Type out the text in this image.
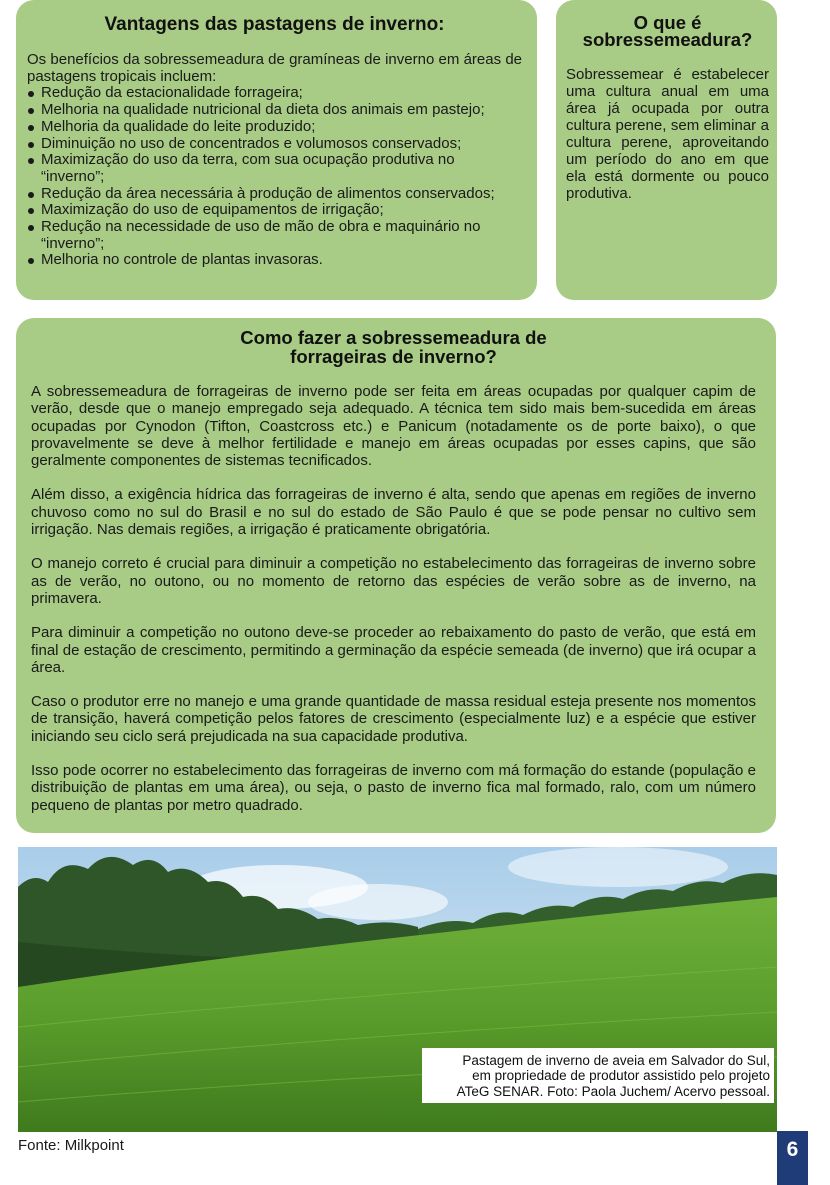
Vantagens das pastagens de inverno:

Os benefícios da sobressemeadura de gramíneas de inverno em áreas de pastagens tropicais incluem:

Redução da estacionalidade forrageira;
Melhoria na qualidade nutricional da dieta dos animais em pastejo;
Melhoria da qualidade do leite produzido;
Diminuição no uso de concentrados e volumosos conservados;
Maximização do uso da terra, com sua ocupação produtiva no “inverno”;
Redução da área necessária à produção de alimentos conservados;
Maximização do uso de equipamentos de irrigação;
Redução na necessidade de uso de mão de obra e maquinário no “inverno”;
Melhoria no controle de plantas invasoras.
O que é sobressemeadura?

Sobressemear é estabelecer uma cultura anual em uma área já ocupada por outra cultura perene, sem eliminar a cultura perene, aproveitando um período do ano em que ela está dormente ou pouco produtiva.

Como fazer a sobressemeadura de
forrageiras de inverno?

A sobressemeadura de forrageiras de inverno pode ser feita em áreas ocupadas por qualquer capim de verão, desde que o manejo empregado seja adequado. A técnica tem sido mais bem-sucedida em áreas ocupadas por Cynodon (Tifton, Coastcross etc.) e Panicum (notadamente os de porte baixo), o que provavelmente se deve à melhor fertilidade e manejo em áreas ocupadas por esses capins, que são geralmente componentes de sistemas tecnificados.

Além disso, a exigência hídrica das forrageiras de inverno é alta, sendo que apenas em regiões de inverno chuvoso como no sul do Brasil e no sul do estado de São Paulo é que se pode pensar no cultivo sem irrigação. Nas demais regiões, a irrigação é praticamente obrigatória.

O manejo correto é crucial para diminuir a competição no estabelecimento das forrageiras de inverno sobre as de verão, no outono, ou no momento de retorno das espécies de verão sobre as de inverno, na primavera.

Para diminuir a competição no outono deve-se proceder ao rebaixamento do pasto de verão, que está em final de estação de crescimento, permitindo a germinação da espécie semeada (de inverno) que irá ocupar a área.

Caso o produtor erre no manejo e uma grande quantidade de massa residual esteja presente nos momentos de transição, haverá competição pelos fatores de crescimento (especialmente luz) e a espécie que estiver iniciando seu ciclo será prejudicada na sua capacidade produtiva.

Isso pode ocorrer no estabelecimento das forrageiras de inverno com má formação do estande (população e distribuição de plantas em uma área), ou seja, o pasto de inverno fica mal formado, ralo, com um número pequeno de plantas por metro quadrado.

Pastagem de inverno de aveia em Salvador do Sul,
em propriedade de produtor assistido pelo projeto
ATeG SENAR. Foto: Paola Juchem/ Acervo pessoal.
Fonte: Milkpoint	6
